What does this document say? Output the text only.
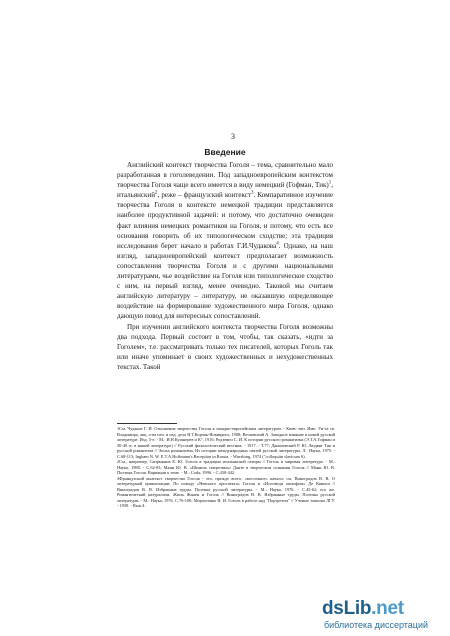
3
Введение

Английский контекст творчества Гоголя – тема, сравнительно мало разработанная в гоголеведении. Под западноевропейским контекстом творчества Гоголя чаще всего имеется в виду немецкий (Гофман, Тик)$^1$, итальянский$^2$, реже – французский контекст$^3$. Компаративное изучение творчества Гоголя в контексте немецкой традиции представляется наиболее продуктивной задачей: и потому, что достаточно очевиден факт влияния немецких романтиков на Гоголя, и потому, что есть все основания говорить об их типологическом сходстве; эта традиция исследования берет начало в работах Г.И.Чудакова$^4$. Однако, на наш взгляд, западноевропейский контекст предполагает возможность сопоставления творчества Гоголя и с другими национальными литературами, чье воздействие на Гоголя или типологическое сходство с ним, на первый взгляд, менее очевидно. Таковой мы считаем английскую литературу – литературу, не оказавшую определяющее воздействие на формирование художественного мира Гоголя, однако дающую повод для интересных сопоставлений.

При изучении английского контекста творчества Гоголя возможны два подхода. Первый состоит в том, чтобы, так сказать, «идти за Гоголем», т.е. рассматривать только тех писателей, которых Гоголь так или иначе упоминает в своих художественных и нехудожественных текстах. Такой

1См. Чудаков Г. И. Отношение творчества Гоголя к западно-европейским литературам. - Киев: тип. Имп. Ун-та св. Владимира, акц. о-ва печ. и изд. дела Н.Т.Корчак-Новицкого, 1908; Вескевский А. Западное влияние в новой русской литературе. Изд. 5-е. - М.: И.Н.Кушнерев и К°, 1916; Родзевич С. И. К истории русского романтизма (Э.Т.А.Гофман и 30-40 гг. в нашей литературе) // Русский филологический вестник. - 1917. - Т.77; Данилевский Р. Ю. Людвиг Тик и русский романтизм // Эпоха романтизма. Из истории международных связей русской литературы. Л.: Наука, 1975. - С.68-113; Ingham N. W. E.T.A.Hoffmann's Reception in Russia. - Wurzburg, 1974 ("colloquiin slavicum 6).
2См., например, Сапрыкина Е. Ю. Гоголь в традиции итальянской сатиры // Гоголь и мировая литература. - М.: Наука, 1988. - С.62-83; Манн Ю. В. «Шинель смертовых» Данте в творческом сознании Гоголя // Манн Ю. В. Поэтика Гоголя. Вариации к теме. - М.: Coda, 1996. - С.430-442.
3Французский контекст творчества Гоголя - это, прежде всего, «восточное» начало; см. Виноградов В. В. О литературной цивилизации: По поводу «Невского проспекта» Гоголя и «Исповеди опиофага» Де Квинси // Виноградов В. В. Избранные труды. Поэтика русской литературы. - М.: Наука, 1976. - С.45-62; его же. Романтический натурализм. Жюль Жанен и Гоголь // Виноградов В. В. Избранные труды. Поэтика русской литературы. - М.: Наука, 1976. С.76-100; Морохтенко Н. И. Гоголь в работе над "Портретом" // Ученые записки ЛГУ. - 1939. - Вып.4.
dsLib.net
библиотека диссертаций
